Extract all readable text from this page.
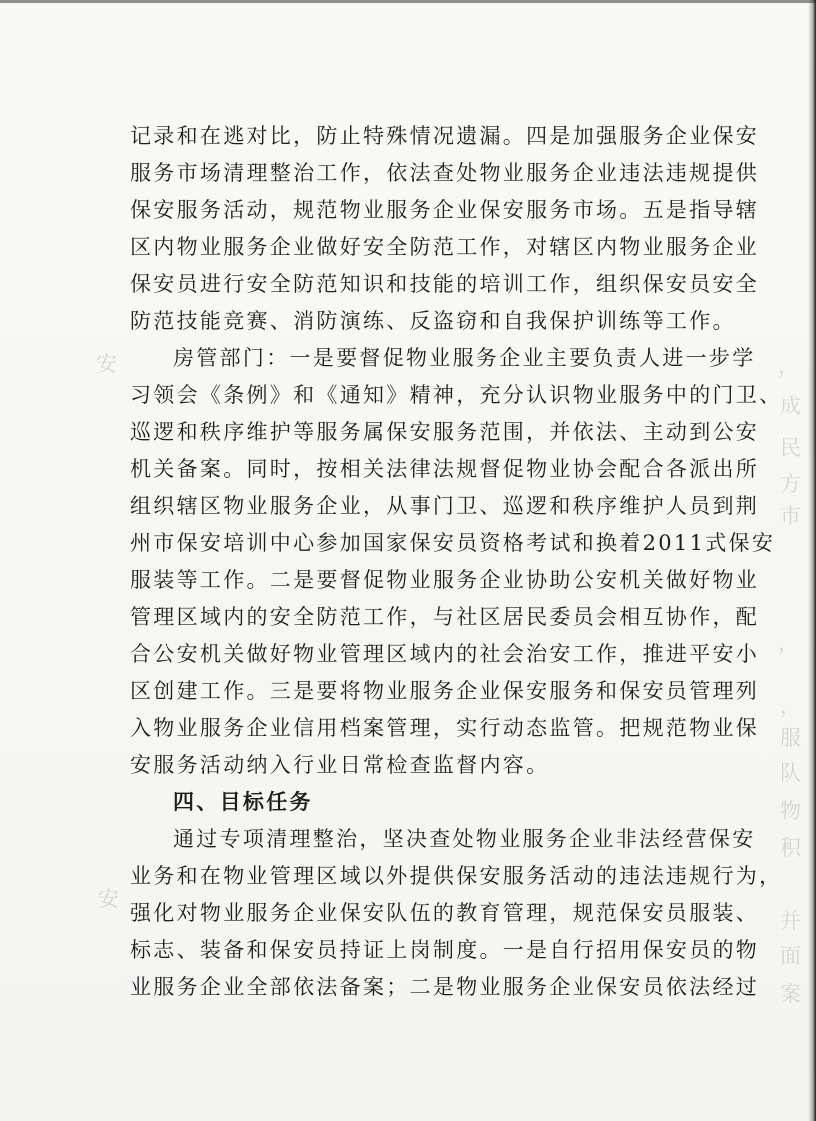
，
成
民
方
市
，
，
服
队
物
积
并
面
案
安
安
记录和在逃对比，防止特殊情况遗漏。四是加强服务企业保安
服务市场清理整治工作，依法查处物业服务企业违法违规提供
保安服务活动，规范物业服务企业保安服务市场。五是指导辖
区内物业服务企业做好安全防范工作，对辖区内物业服务企业
保安员进行安全防范知识和技能的培训工作，组织保安员安全
防范技能竞赛、消防演练、反盗窃和自我保护训练等工作。
房管部门：一是要督促物业服务企业主要负责人进一步学
习领会《条例》和《通知》精神，充分认识物业服务中的门卫、
巡逻和秩序维护等服务属保安服务范围，并依法、主动到公安
机关备案。同时，按相关法律法规督促物业协会配合各派出所
组织辖区物业服务企业，从事门卫、巡逻和秩序维护人员到荆
州市保安培训中心参加国家保安员资格考试和换着2011式保安
服装等工作。二是要督促物业服务企业协助公安机关做好物业
管理区域内的安全防范工作，与社区居民委员会相互协作，配
合公安机关做好物业管理区域内的社会治安工作，推进平安小
区创建工作。三是要将物业服务企业保安服务和保安员管理列
入物业服务企业信用档案管理，实行动态监管。把规范物业保
安服务活动纳入行业日常检查监督内容。
四、目标任务
通过专项清理整治，坚决查处物业服务企业非法经营保安
业务和在物业管理区域以外提供保安服务活动的违法违规行为，
强化对物业服务企业保安队伍的教育管理，规范保安员服装、
标志、装备和保安员持证上岗制度。一是自行招用保安员的物
业服务企业全部依法备案；二是物业服务企业保安员依法经过
